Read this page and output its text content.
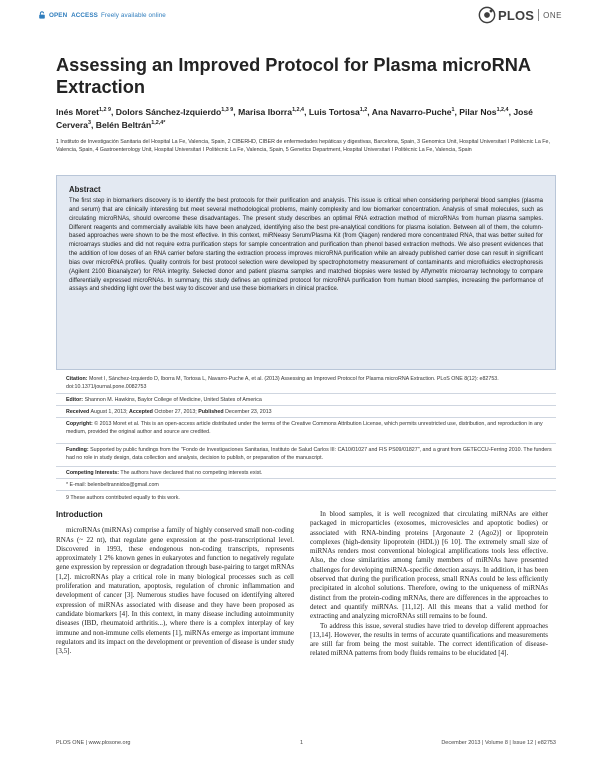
OPEN
ACCESS Freely available online	PLOS ONE
Assessing an Improved Protocol for Plasma microRNA Extraction
Inés Moret$^{1,2 9}$, Dolors Sánchez-Izquierdo$^{1,3 9}$, Marisa Iborra$^{1,2,4}$, Luis Tortosa$^{1,2}$, Ana Navarro-Puche$^1$, Pilar Nos$^{1,2,4}$, José Cervera$^3$, Belén Beltrán$^{1,2,4*}$
1 Instituto de Investigación Sanitaria del Hospital La Fe, Valencia, Spain, 2 CIBERHD, CIBER de enfermedades hepáticas y digestivas, Barcelona, Spain, 3 Genomics Unit, Hospital Universitari I Politècnic La Fe, Valencia, Spain, 4 Gastroenterology Unit, Hospital Universitari I Politècnic La Fe, Valencia, Spain, 5 Genetics Department, Hospital Universitari I Politècnic La Fe, Valencia, Spain
Abstract
The first step in biomarkers discovery is to identify the best protocols for their purification and analysis. This issue is critical when considering peripheral blood samples (plasma and serum) that are clinically interesting but meet several methodological problems, mainly complexity and low biomarker concentration. Analysis of small molecules, such as circulating microRNAs, should overcome these disadvantages. The present study describes an optimal RNA extraction method of microRNAs from human plasma samples. Different reagents and commercially available kits have been analyzed, identifying also the best pre-analytical conditions for plasma isolation. Between all of them, the column-based approaches were shown to be the most effective. In this context, miRNeasy Serum/Plasma Kit (from Qiagen) rendered more concentrated RNA, that was better suited for microarrays studies and did not require extra purification steps for sample concentration and purification than phenol based extraction methods. We also present evidences that the addition of low doses of an RNA carrier before starting the extraction process improves microRNA purification while an already published carrier dose can result in significant bias over microRNA profiles. Quality controls for best protocol selection were developed by spectrophotometry measurement of contaminants and microfluidics electrophoresis (Agilent 2100 Bioanalyzer) for RNA integrity. Selected donor and patient plasma samples and matched biopsies were tested by Affymetrix microarray technology to compare differentially expressed microRNAs. In summary, this study defines an optimized protocol for microRNA purification from human blood samples, increasing the performance of assays and shedding light over the best way to discover and use these biomarkers in clinical practice.
Citation: Moret I, Sánchez-Izquierdo D, Iborra M, Tortosa L, Navarro-Puche A, et al. (2013) Assessing an Improved Protocol for Plasma microRNA Extraction. PLoS ONE 8(12): e82753. doi:10.1371/journal.pone.0082753
Editor: Shannon M. Hawkins, Baylor College of Medicine, United States of America
Received August 1, 2013; Accepted October 27, 2013; Published December 23, 2013
Copyright: © 2013 Moret et al. This is an open-access article distributed under the terms of the Creative Commons Attribution License, which permits unrestricted use, distribution, and reproduction in any medium, provided the original author and source are credited.
Funding: Supported by public fundings from the "Fondo de Investigaciones Sanitarias, Instituto de Salud Carlos III: CA10/01027 and FIS PS09/01827", and a grant from GETECCU-Ferring 2010. The funders had no role in study design, data collection and analysis, decision to publish, or preparation of the manuscript.
Competing Interests: The authors have declared that no competing interests exist.
* E-mail: belenbeltrannidos@gmail.com
9 These authors contributed equally to this work.
Introduction

microRNAs (miRNAs) comprise a family of highly conserved small non-coding RNAs (~ 22 nt), that regulate gene expression at the post-transcriptional level. Discovered in 1993, these endogenous non-coding transcripts, represents approximately 1 2% known genes in eukaryotes and function to negatively regulate gene expression by repression or degradation through base-pairing to target mRNAs [1,2]. microRNAs play a critical role in many biological processes such as cell proliferation and maturation, apoptosis, regulation of chronic inflammation and development of cancer [3]. Numerous studies have focused on identifying altered expression of miRNAs associated with disease and they have been proposed as candidate biomarkers [4]. In this context, in many disease including autoimmunity diseases (IBD, rheumatoid arthritis...), where there is a complex interplay of key immune and non-immune cells elements [1], miRNAs emerge as important immune regulators and its impact on the development or prevention of disease is under study [3,5].

In blood samples, it is well recognized that circulating miRNAs are either packaged in microparticles (exosomes, microvesicles and apoptotic bodies) or associated with RNA-binding proteins [Argonaute 2 (Ago2)] or lipoprotein complexes (high-density lipoprotein (HDL)) [6 10]. The extremely small size of miRNAs renders most conventional biological amplifications tools less effective. Also, the close similarities among family members of miRNAs have presented challenges for developing miRNA-specific detection assays. In addition, it has been observed that during the purification process, small RNAs could be less efficiently precipitated in alcohol solutions. Therefore, owing to the uniqueness of miRNAs distinct from the protein-coding mRNAs, there are differences in the approaches to detect and quantify miRNAs. [11,12]. All this means that a valid method for extracting and analyzing microRNAs still remains to be found.

To address this issue, several studies have tried to develop different approaches [13,14]. However, the results in terms of accurate quantifications and measurements are still far from being the most suitable. The correct identification of disease-related miRNA patterns from body fluids remains to be elucidated [4].

PLOS ONE | www.plosone.org	1	December 2013 | Volume 8 | Issue 12 | e82753
